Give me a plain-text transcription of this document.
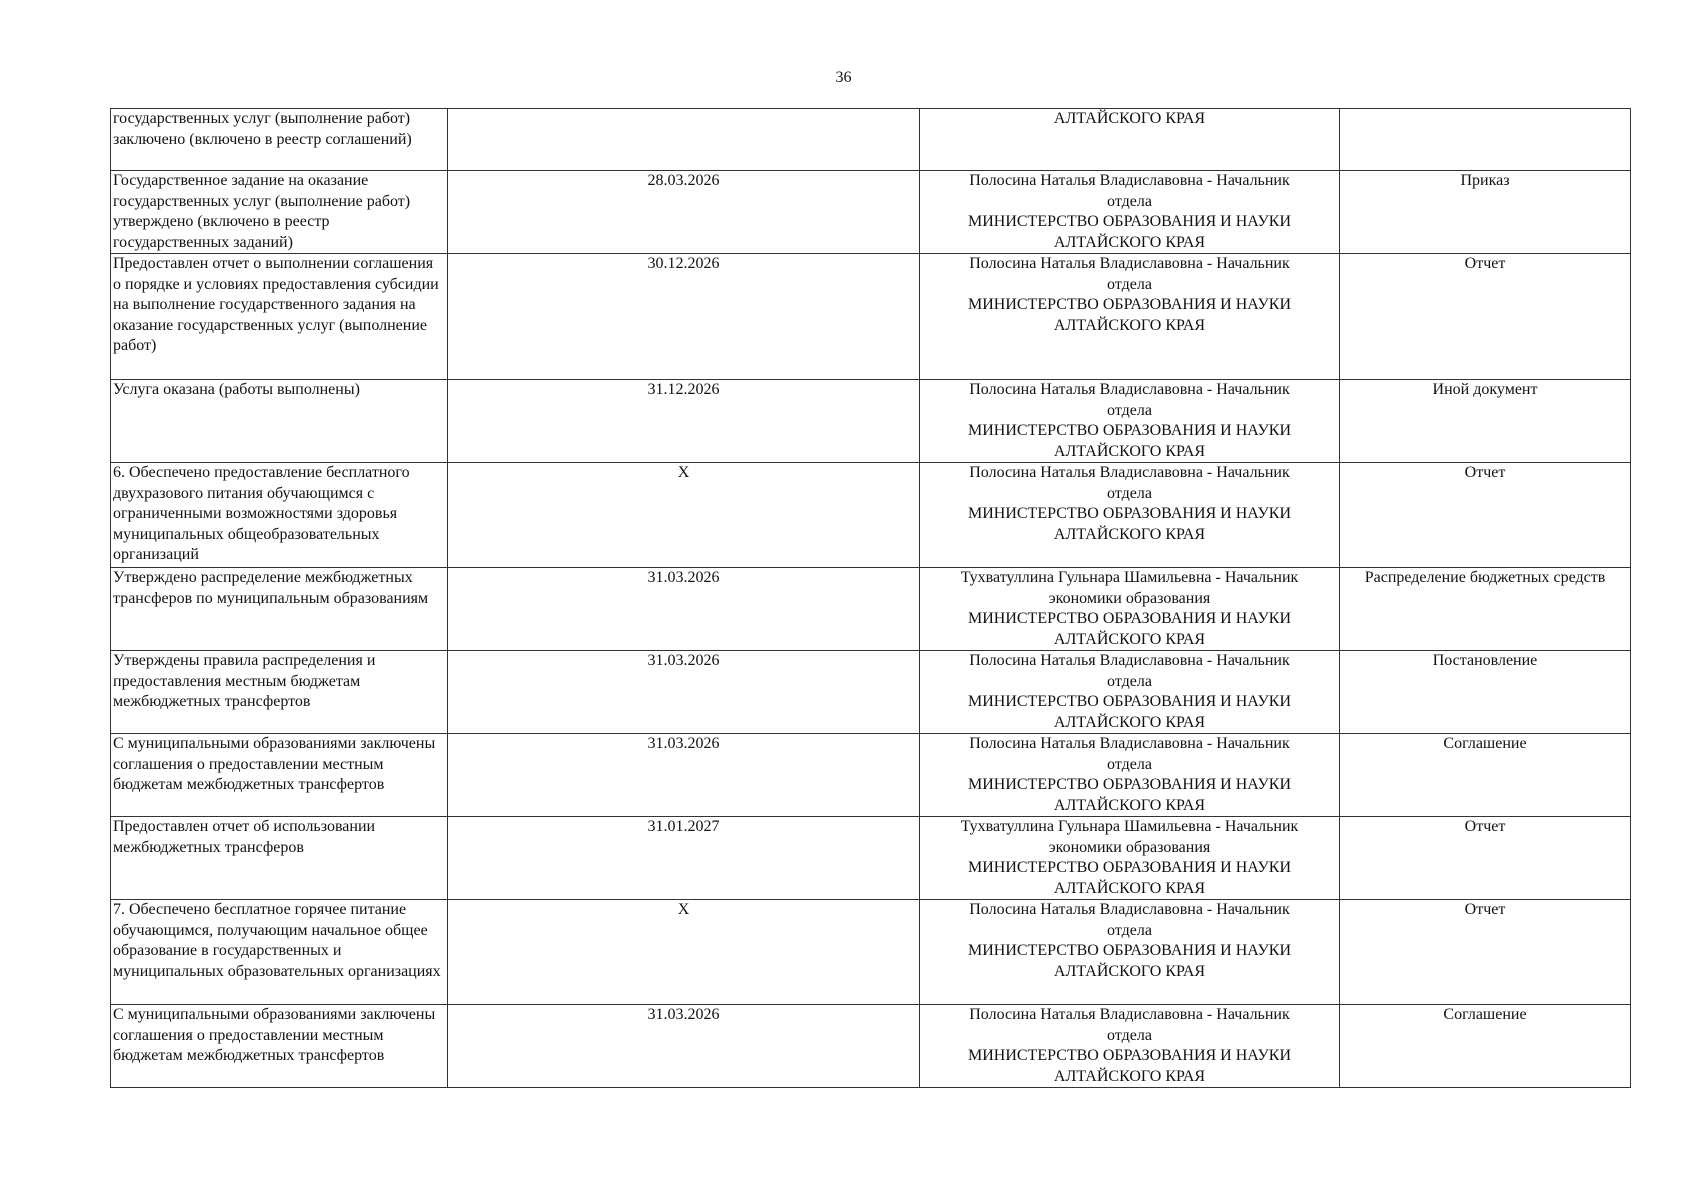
36
государственных услуг (выполнение работ) заключено (включено в реестр соглашений)		АЛТАЙСКОГО КРАЯ	

Государственное задание на оказание государственных услуг (выполнение работ) утверждено (включено в реестр государственных заданий)	28.03.2026	Полосина Наталья Владиславовна - Начальник
отдела
МИНИСТЕРСТВО ОБРАЗОВАНИЯ И НАУКИ АЛТАЙСКОГО КРАЯ	Приказ
Предоставлен отчет о выполнении соглашения о порядке и условиях предоставления субсидии на выполнение государственного задания на оказание государственных услуг (выполнение работ)	30.12.2026	Полосина Наталья Владиславовна - Начальник
отдела
МИНИСТЕРСТВО ОБРАЗОВАНИЯ И НАУКИ АЛТАЙСКОГО КРАЯ	Отчет
Услуга оказана (работы выполнены)	31.12.2026	Полосина Наталья Владиславовна - Начальник
отдела
МИНИСТЕРСТВО ОБРАЗОВАНИЯ И НАУКИ АЛТАЙСКОГО КРАЯ	Иной документ
6. Обеспечено предоставление бесплатного двухразового питания обучающимся с ограниченными возможностями здоровья муниципальных общеобразовательных организаций	X	Полосина Наталья Владиславовна - Начальник
отдела
МИНИСТЕРСТВО ОБРАЗОВАНИЯ И НАУКИ АЛТАЙСКОГО КРАЯ	Отчет
Утверждено распределение межбюджетных трансферов по муниципальным образованиям	31.03.2026	Тухватуллина Гульнара Шамильевна - Начальник
экономики образования
МИНИСТЕРСТВО ОБРАЗОВАНИЯ И НАУКИ АЛТАЙСКОГО КРАЯ	Распределение бюджетных средств
Утверждены правила распределения и предоставления местным бюджетам межбюджетных трансфертов	31.03.2026	Полосина Наталья Владиславовна - Начальник
отдела
МИНИСТЕРСТВО ОБРАЗОВАНИЯ И НАУКИ АЛТАЙСКОГО КРАЯ	Постановление
С муниципальными образованиями заключены соглашения о предоставлении местным бюджетам межбюджетных трансфертов	31.03.2026	Полосина Наталья Владиславовна - Начальник
отдела
МИНИСТЕРСТВО ОБРАЗОВАНИЯ И НАУКИ АЛТАЙСКОГО КРАЯ	Соглашение
Предоставлен отчет об использовании межбюджетных трансферов	31.01.2027	Тухватуллина Гульнара Шамильевна - Начальник
экономики образования
МИНИСТЕРСТВО ОБРАЗОВАНИЯ И НАУКИ АЛТАЙСКОГО КРАЯ	Отчет
7. Обеспечено бесплатное горячее питание обучающимся, получающим начальное общее образование в государственных и муниципальных образовательных организациях	X	Полосина Наталья Владиславовна - Начальник
отдела
МИНИСТЕРСТВО ОБРАЗОВАНИЯ И НАУКИ АЛТАЙСКОГО КРАЯ	Отчет
С муниципальными образованиями заключены соглашения о предоставлении местным бюджетам межбюджетных трансфертов	31.03.2026	Полосина Наталья Владиславовна - Начальник
отдела
МИНИСТЕРСТВО ОБРАЗОВАНИЯ И НАУКИ АЛТАЙСКОГО КРАЯ	Соглашение
